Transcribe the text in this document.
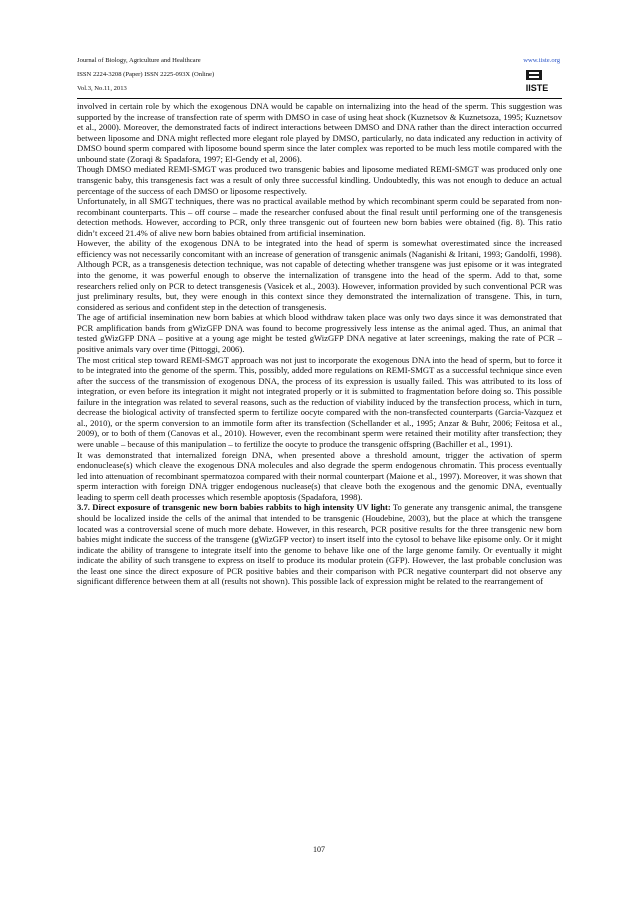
Journal of Biology, Agriculture and Healthcare
ISSN 2224-3208 (Paper) ISSN 2225-093X (Online)
Vol.3, No.11, 2013
www.iiste.org
IISTE

involved in certain role by which the exogenous DNA would be capable on internalizing into the head of the sperm. This suggestion was supported by the increase of transfection rate of sperm with DMSO in case of using heat shock (Kuznetsov & Kuznetsoza, 1995; Kuznetsov et al., 2000). Moreover, the demonstrated facts of indirect interactions between DMSO and DNA rather than the direct interaction occurred between liposome and DNA might reflected more elegant role played by DMSO, particularly, no data indicated any reduction in activity of DMSO bound sperm compared with liposome bound sperm since the later complex was reported to be much less motile compared with the unbound state (Zoraqi & Spadafora, 1997; El-Gendy et al, 2006).

Though DMSO mediated REMI-SMGT was produced two transgenic babies and liposome mediated REMI-SMGT was produced only one transgenic baby, this transgenesis fact was a result of only three successful kindling. Undoubtedly, this was not enough to deduce an actual percentage of the success of each DMSO or liposome respectively.

Unfortunately, in all SMGT techniques, there was no practical available method by which recombinant sperm could be separated from non-recombinant counterparts. This – off course – made the researcher confused about the final result until performing one of the transgenesis detection methods. However, according to PCR, only three transgenic out of fourteen new born babies were obtained (fig. 8). This ratio didn’t exceed 21.4% of alive new born babies obtained from artificial insemination.

However, the ability of the exogenous DNA to be integrated into the head of sperm is somewhat overestimated since the increased efficiency was not necessarily concomitant with an increase of generation of transgenic animals (Naganishi & Iritani, 1993; Gandolfi, 1998).

Although PCR, as a transgenesis detection technique, was not capable of detecting whether transgene was just episome or it was integrated into the genome, it was powerful enough to observe the internalization of transgene into the head of the sperm. Add to that, some researchers relied only on PCR to detect transgenesis (Vasicek et al., 2003). However, information provided by such conventional PCR was just preliminary results, but, they were enough in this context since they demonstrated the internalization of transgene. This, in turn, considered as serious and confident step in the detection of transgenesis.

The age of artificial insemination new born babies at which blood withdraw taken place was only two days since it was demonstrated that PCR amplification bands from gWizGFP DNA was found to become progressively less intense as the animal aged. Thus, an animal that tested gWizGFP DNA – positive at a young age might be tested gWizGFP DNA negative at later screenings, making the rate of PCR – positive animals vary over time (Pittoggi, 2006).

The most critical step toward REMI-SMGT approach was not just to incorporate the exogenous DNA into the head of sperm, but to force it to be integrated into the genome of the sperm. This, possibly, added more regulations on REMI-SMGT as a successful technique since even after the success of the transmission of exogenous DNA, the process of its expression is usually failed. This was attributed to its loss of integration, or even before its integration it might not integrated properly or it is submitted to fragmentation before doing so. This possible failure in the integration was related to several reasons, such as the reduction of viability induced by the transfection process, which in turn, decrease the biological activity of transfected sperm to fertilize oocyte compared with the non-transfected counterparts (Garcia-Vazquez et al., 2010), or the sperm conversion to an immotile form after its transfection (Schellander et al., 1995; Anzar & Buhr, 2006; Feitosa et al., 2009), or to both of them (Canovas et al., 2010). However, even the recombinant sperm were retained their motility after transfection; they were unable – because of this manipulation – to fertilize the oocyte to produce the transgenic offspring (Bachiller et al., 1991).

It was demonstrated that internalized foreign DNA, when presented above a threshold amount, trigger the activation of sperm endonuclease(s) which cleave the exogenous DNA molecules and also degrade the sperm endogenous chromatin. This process eventually led into attenuation of recombinant spermatozoa compared with their normal counterpart (Maione et al., 1997). Moreover, it was shown that sperm interaction with foreign DNA trigger endogenous nuclease(s) that cleave both the exogenous and the genomic DNA, eventually leading to sperm cell death processes which resemble apoptosis (Spadafora, 1998).

3.7. Direct exposure of transgenic new born babies rabbits to high intensity UV light: To generate any transgenic animal, the transgene should be localized inside the cells of the animal that intended to be transgenic (Houdebine, 2003), but the place at which the transgene located was a controversial scene of much more debate. However, in this research, PCR positive results for the three transgenic new born babies might indicate the success of the transgene (gWizGFP vector) to insert itself into the cytosol to behave like episome only. Or it might indicate the ability of transgene to integrate itself into the genome to behave like one of the large genome family. Or eventually it might indicate the ability of such transgene to express on itself to produce its modular protein (GFP). However, the last probable conclusion was the least one since the direct exposure of PCR positive babies and their comparison with PCR negative counterpart did not observe any significant difference between them at all (results not shown). This possible lack of expression might be related to the rearrangement of

107
